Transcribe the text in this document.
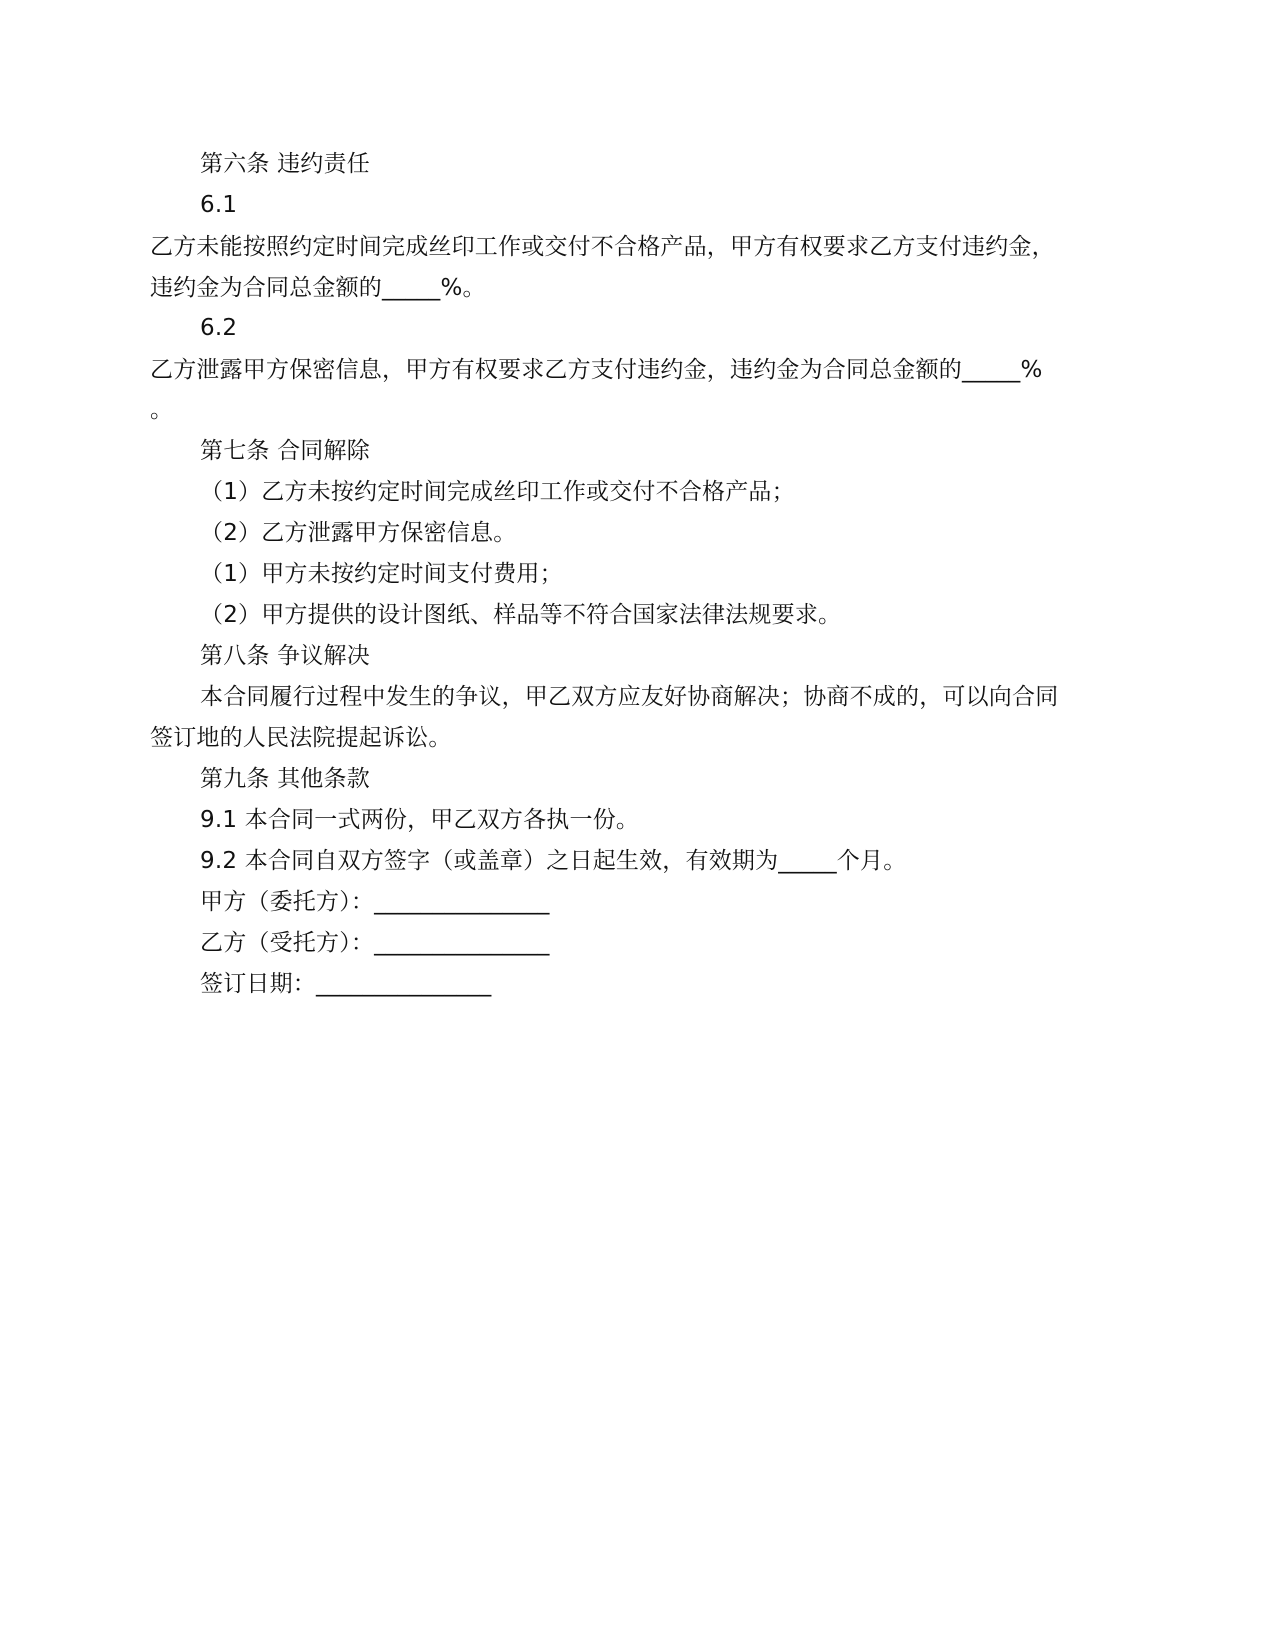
第六条 违约责任
6.1
乙方未能按照约定时间完成丝印工作或交付不合格产品，甲方有权要求乙方支付违约金，
违约金为合同总金额的_____%。
6.2
乙方泄露甲方保密信息，甲方有权要求乙方支付违约金，违约金为合同总金额的_____%
。
第七条 合同解除
（1）乙方未按约定时间完成丝印工作或交付不合格产品；
（2）乙方泄露甲方保密信息。
（1）甲方未按约定时间支付费用；
（2）甲方提供的设计图纸、样品等不符合国家法律法规要求。
第八条 争议解决
本合同履行过程中发生的争议，甲乙双方应友好协商解决；协商不成的，可以向合同
签订地的人民法院提起诉讼。
第九条 其他条款
9.1 本合同一式两份，甲乙双方各执一份。
9.2 本合同自双方签字（或盖章）之日起生效，有效期为_____个月。
甲方（委托方）：_______________
乙方（受托方）：_______________
签订日期：_______________
